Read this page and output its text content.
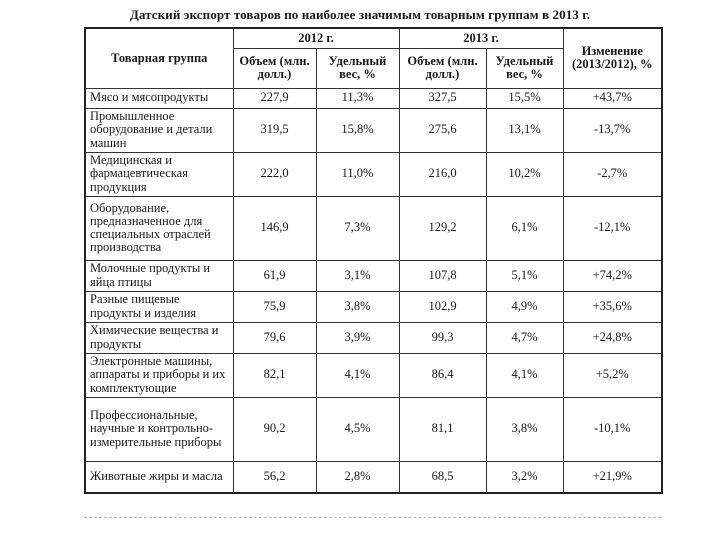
Датский экспорт товаров по наиболее значимым товарным группам в 2013 г.
Товарная группа	2012 г.		2013 г.		Изменение (2013/2012), %
	Объем (млн. долл.)	Удельный вес, %	Объем (млн. долл.)	Удельный вес, %	
Мясо и мясопродукты	227,9	11,3%	327,5	15,5%	+43,7%
Промышленное оборудование и детали машин	319,5	15,8%	275,6	13,1%	-13,7%
Медицинская и фармацевтическая продукция	222,0	11,0%	216,0	10,2%	-2,7%
Оборудование, предназначенное для специальных отраслей производства	146,9	7,3%	129,2	6,1%	-12,1%
Молочные продукты и яйца птицы	61,9	3,1%	107,8	5,1%	+74,2%
Разные пищевые продукты и изделия	75,9	3,8%	102,9	4,9%	+35,6%
Химические вещества и продукты	79,6	3,9%	99,3	4,7%	+24,8%
Электронные машины, аппараты и приборы и их комплектующие	82,1	4,1%	86,4	4,1%	+5,2%
Профессиональные, научные и контрольно-измерительные приборы	90,2	4,5%	81,1	3,8%	-10,1%
Животные жиры и масла	56,2	2,8%	68,5	3,2%	+21,9%
